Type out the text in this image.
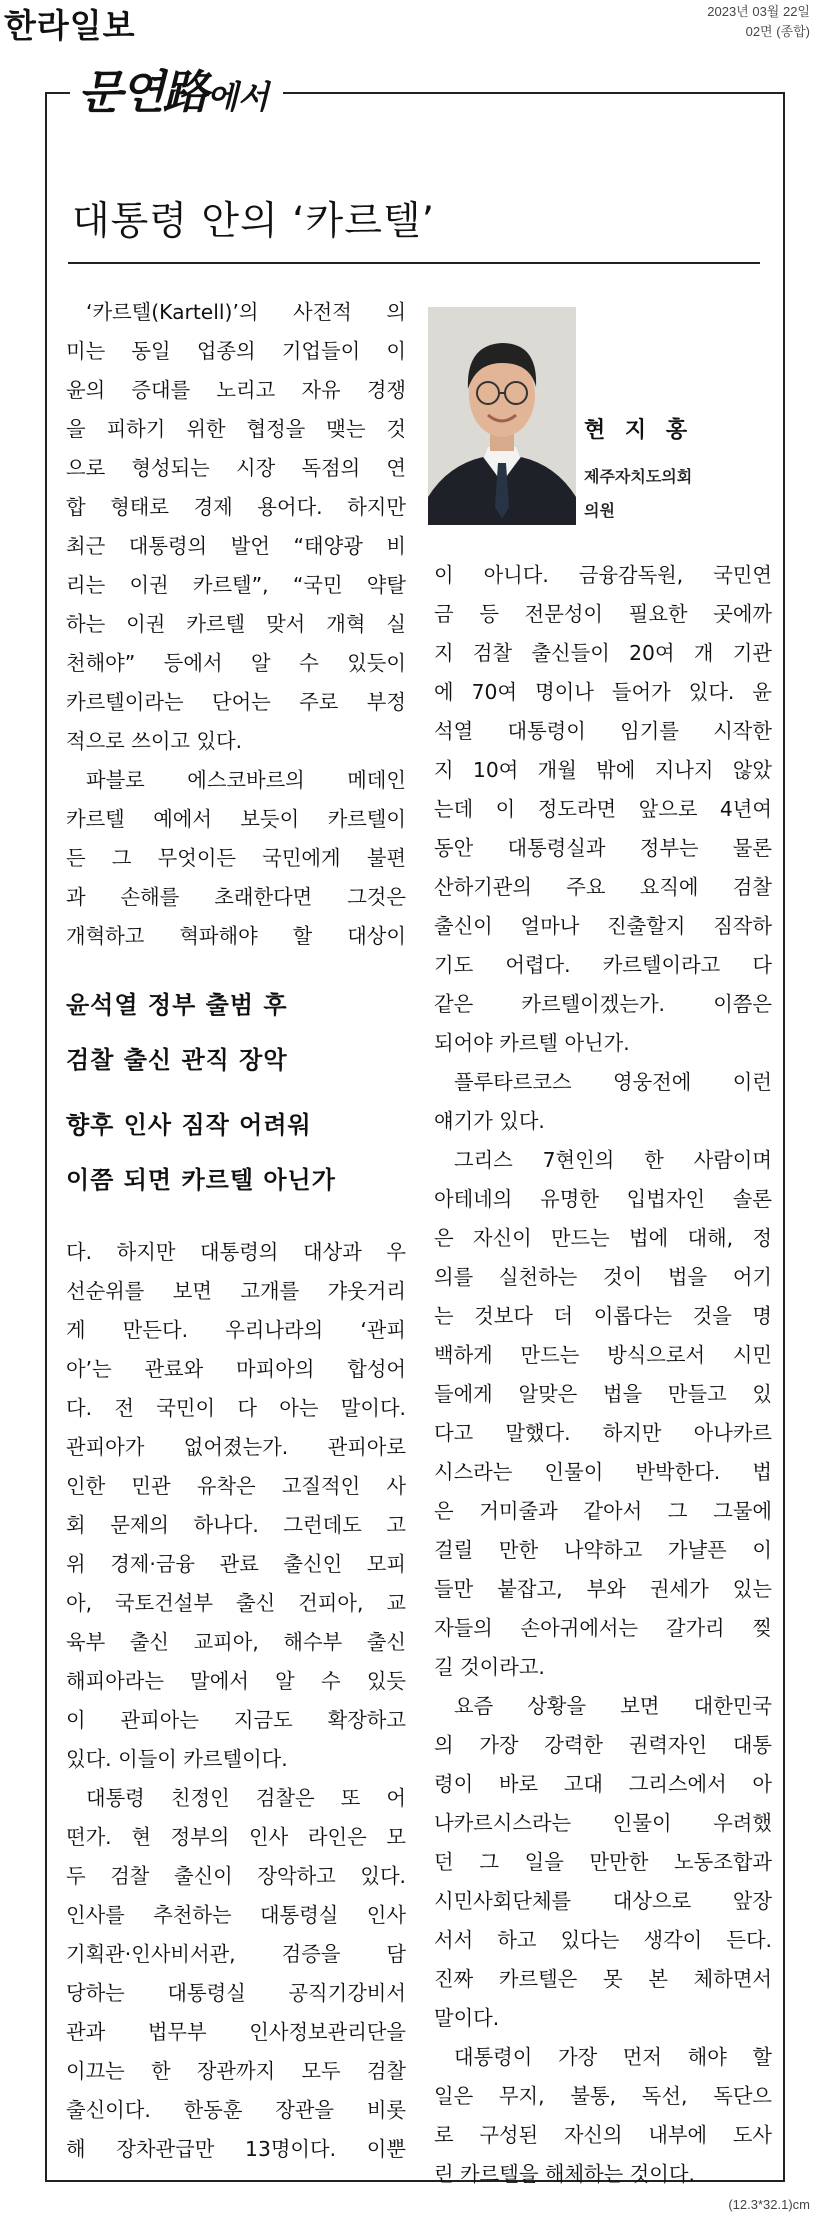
한라일보	2023년 03월 22일
02면 (종합)
문연路에서
대통령 안의 ‘카르텔’
현 지 홍
제주자치도의회
의원
‘카르텔(Kartell)’의 사전적 의
미는 동일 업종의 기업들이 이
윤의 증대를 노리고 자유 경쟁
을 피하기 위한 협정을 맺는 것
으로 형성되는 시장 독점의 연
합 형태로 경제 용어다. 하지만
최근 대통령의 발언 “태양광 비
리는 이권 카르텔”, “국민 약탈
하는 이권 카르텔 맞서 개혁 실
천해야” 등에서 알 수 있듯이
카르텔이라는 단어는 주로 부정
적으로 쓰이고 있다.
파블로 에스코바르의 메데인
카르텔 예에서 보듯이 카르텔이
든 그 무엇이든 국민에게 불편
과 손해를 초래한다면 그것은
개혁하고 혁파해야 할 대상이
윤석열 정부 출범 후
검찰 출신 관직 장악
향후 인사 짐작 어려워
이쯤 되면 카르텔 아닌가
다. 하지만 대통령의 대상과 우
선순위를 보면 고개를 갸웃거리
게 만든다. 우리나라의 ‘관피
아’는 관료와 마피아의 합성어
다. 전 국민이 다 아는 말이다.
관피아가 없어졌는가. 관피아로
인한 민관 유착은 고질적인 사
회 문제의 하나다. 그런데도 고
위 경제·금융 관료 출신인 모피
아, 국토건설부 출신 건피아, 교
육부 출신 교피아, 해수부 출신
해피아라는 말에서 알 수 있듯
이 관피아는 지금도 확장하고
있다. 이들이 카르텔이다.
대통령 친정인 검찰은 또 어
떤가. 현 정부의 인사 라인은 모
두 검찰 출신이 장악하고 있다.
인사를 추천하는 대통령실 인사
기획관·인사비서관, 검증을 담
당하는 대통령실 공직기강비서
관과 법무부 인사정보관리단을
이끄는 한 장관까지 모두 검찰
출신이다. 한동훈 장관을 비롯
해 장차관급만 13명이다. 이뿐
이 아니다. 금융감독원, 국민연
금 등 전문성이 필요한 곳에까
지 검찰 출신들이 20여 개 기관
에 70여 명이나 들어가 있다. 윤
석열 대통령이 임기를 시작한
지 10여 개월 밖에 지나지 않았
는데 이 정도라면 앞으로 4년여
동안 대통령실과 정부는 물론
산하기관의 주요 요직에 검찰
출신이 얼마나 진출할지 짐작하
기도 어렵다. 카르텔이라고 다
같은 카르텔이겠는가. 이쯤은
되어야 카르텔 아닌가.
플루타르코스 영웅전에 이런
얘기가 있다.
그리스 7현인의 한 사람이며
아테네의 유명한 입법자인 솔론
은 자신이 만드는 법에 대해, 정
의를 실천하는 것이 법을 어기
는 것보다 더 이롭다는 것을 명
백하게 만드는 방식으로서 시민
들에게 알맞은 법을 만들고 있
다고 말했다. 하지만 아나카르
시스라는 인물이 반박한다. 법
은 거미줄과 같아서 그 그물에
걸릴 만한 나약하고 가냘픈 이
들만 붙잡고, 부와 권세가 있는
자들의 손아귀에서는 갈가리 찢
길 것이라고.
요즘 상황을 보면 대한민국
의 가장 강력한 권력자인 대통
령이 바로 고대 그리스에서 아
나카르시스라는 인물이 우려했
던 그 일을 만만한 노동조합과
시민사회단체를 대상으로 앞장
서서 하고 있다는 생각이 든다.
진짜 카르텔은 못 본 체하면서
말이다.
대통령이 가장 먼저 해야 할
일은 무지, 불통, 독선, 독단으
로 구성된 자신의 내부에 도사
린 카르텔을 해체하는 것이다.
(12.3*32.1)cm
